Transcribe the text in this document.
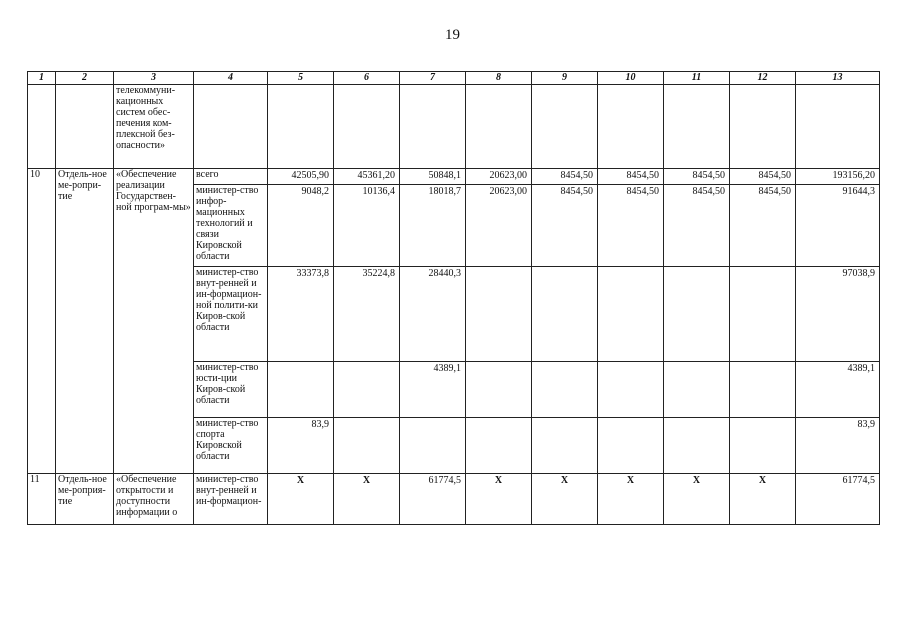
19
1	2	3	4	5	6	7	8	9	10	11	12	13
		телекоммуни-кационных систем обес-печения ком-плексной без-опасности»										
10	Отдель-ное ме-ропри-тие	«Обеспечение реализации Государствен-ной програм-мы»	всего	42505,90	45361,20	50848,1	20623,00	8454,50	8454,50	8454,50	8454,50	193156,20
			министер-ство инфор-мационных технологий и связи Кировской области	9048,2	10136,4	18018,7	20623,00	8454,50	8454,50	8454,50	8454,50	91644,3
			министер-ство внут-ренней и ин-формацион-ной полити-ки Киров-ской области	33373,8	35224,8	28440,3						97038,9
			министер-ство юсти-ции Киров-ской области			4389,1						4389,1
			министер-ство спорта Кировской области	83,9								83,9
11	Отдель-ное ме-роприя-тие	«Обеспечение открытости и доступности информации о	министер-ство внут-ренней и ин-формацион-	X	X	61774,5	X	X	X	X	X	61774,5
